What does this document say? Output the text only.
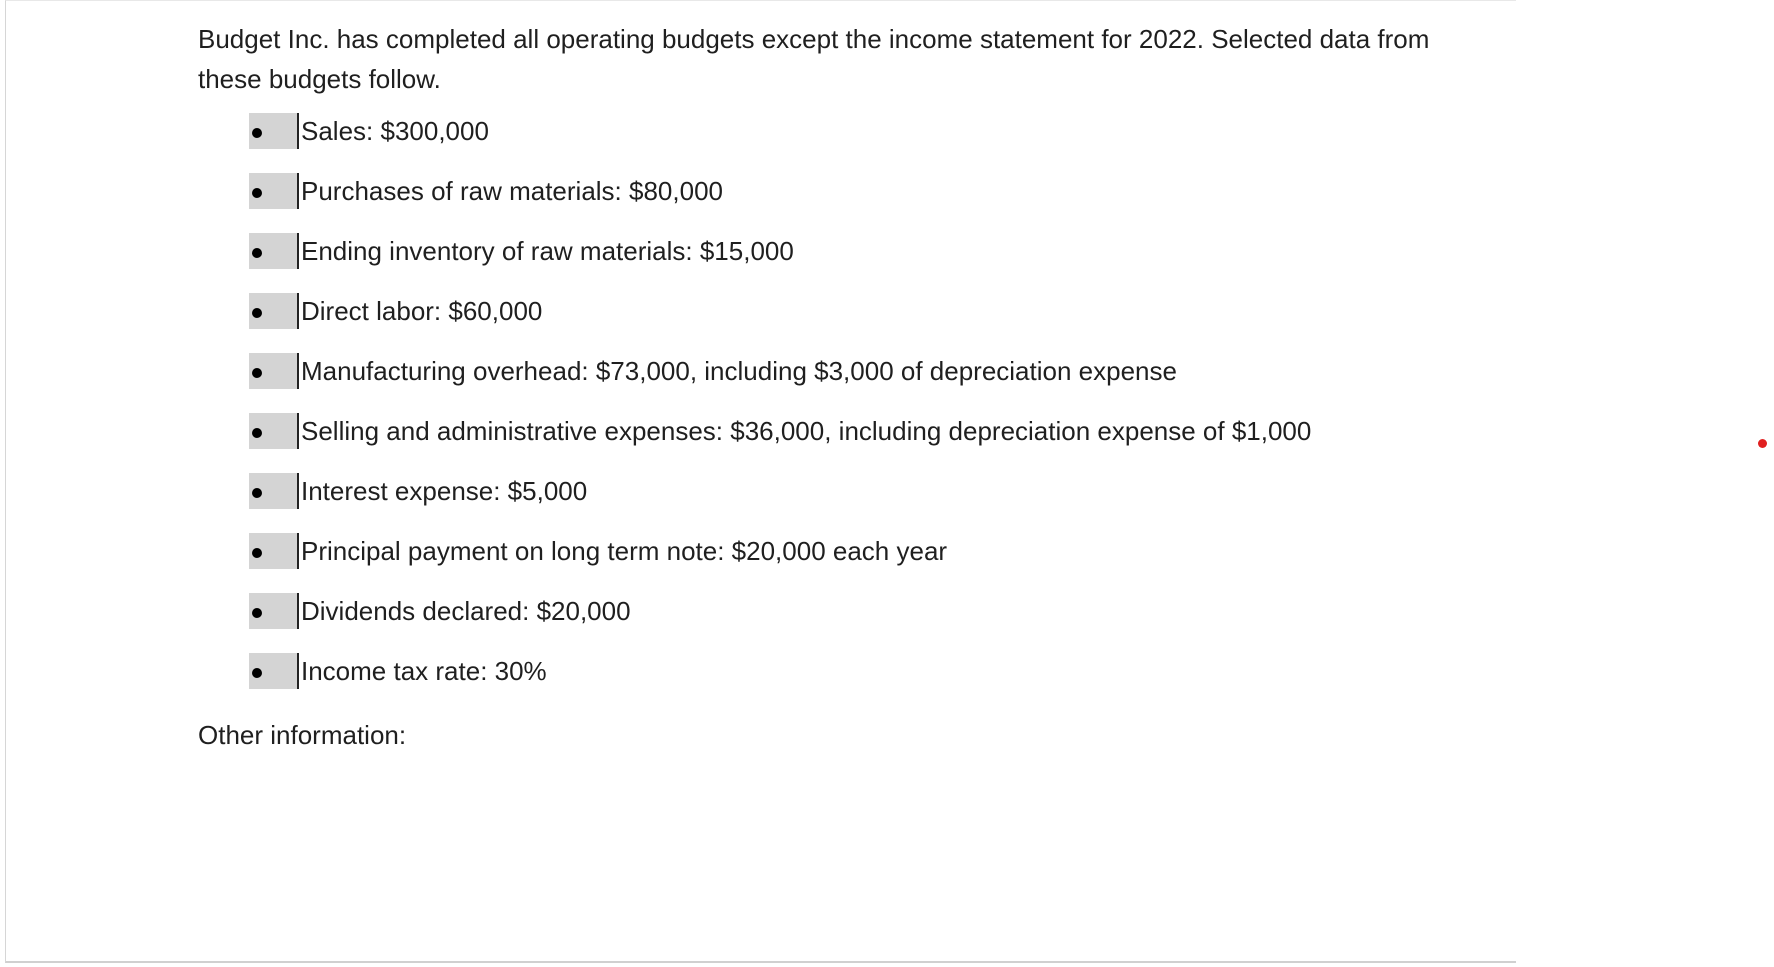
Budget Inc. has completed all operating budgets except the income statement for 2022. Selected data from these budgets follow.

Sales: $300,000
Purchases of raw materials: $80,000
Ending inventory of raw materials: $15,000
Direct labor: $60,000
Manufacturing overhead: $73,000, including $3,000 of depreciation expense
Selling and administrative expenses: $36,000, including depreciation expense of $1,000
Interest expense: $5,000
Principal payment on long term note: $20,000 each year
Dividends declared: $20,000
Income tax rate: 30%

Other information:
